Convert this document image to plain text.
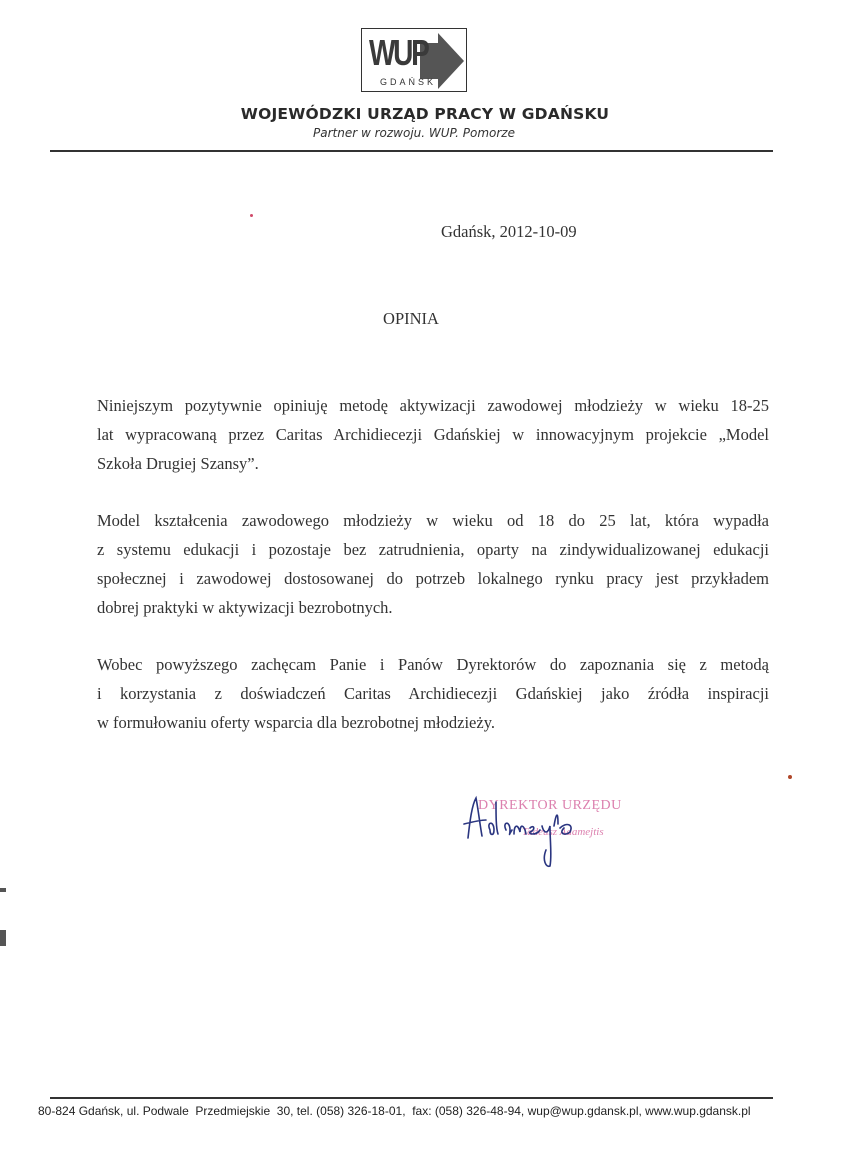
WUP
GDAŃSK
WOJEWÓDZKI URZĄD PRACY W GDAŃSKU
Partner w rozwoju. WUP. Pomorze
Gdańsk, 2012-10-09
OPINIA
Niniejszym pozytywnie opiniuję metodę aktywizacji zawodowej młodzieży w wieku 18-25
lat wypracowaną przez Caritas Archidiecezji Gdańskiej w innowacyjnym projekcie „Model
Szkoła Drugiej Szansy”.
Model kształcenia zawodowego młodzieży w wieku od 18 do 25 lat, która wypadła
z systemu edukacji i pozostaje bez zatrudnienia, oparty na zindywidualizowanej edukacji
społecznej i zawodowej dostosowanej do potrzeb lokalnego rynku pracy jest przykładem
dobrej praktyki w aktywizacji bezrobotnych.
Wobec powyższego zachęcam Panie i Panów Dyrektorów do zapoznania się z metodą
i korzystania z doświadczeń Caritas Archidiecezji Gdańskiej jako źródła inspiracji
w formułowaniu oferty wsparcia dla bezrobotnej młodzieży.
DYREKTOR URZĘDU
Tadeusz Adamejtis
80-824 Gdańsk, ul. Podwale  Przedmiejskie  30, tel. (058) 326-18-01,  fax: (058) 326-48-94, wup@wup.gdansk.pl, www.wup.gdansk.pl
